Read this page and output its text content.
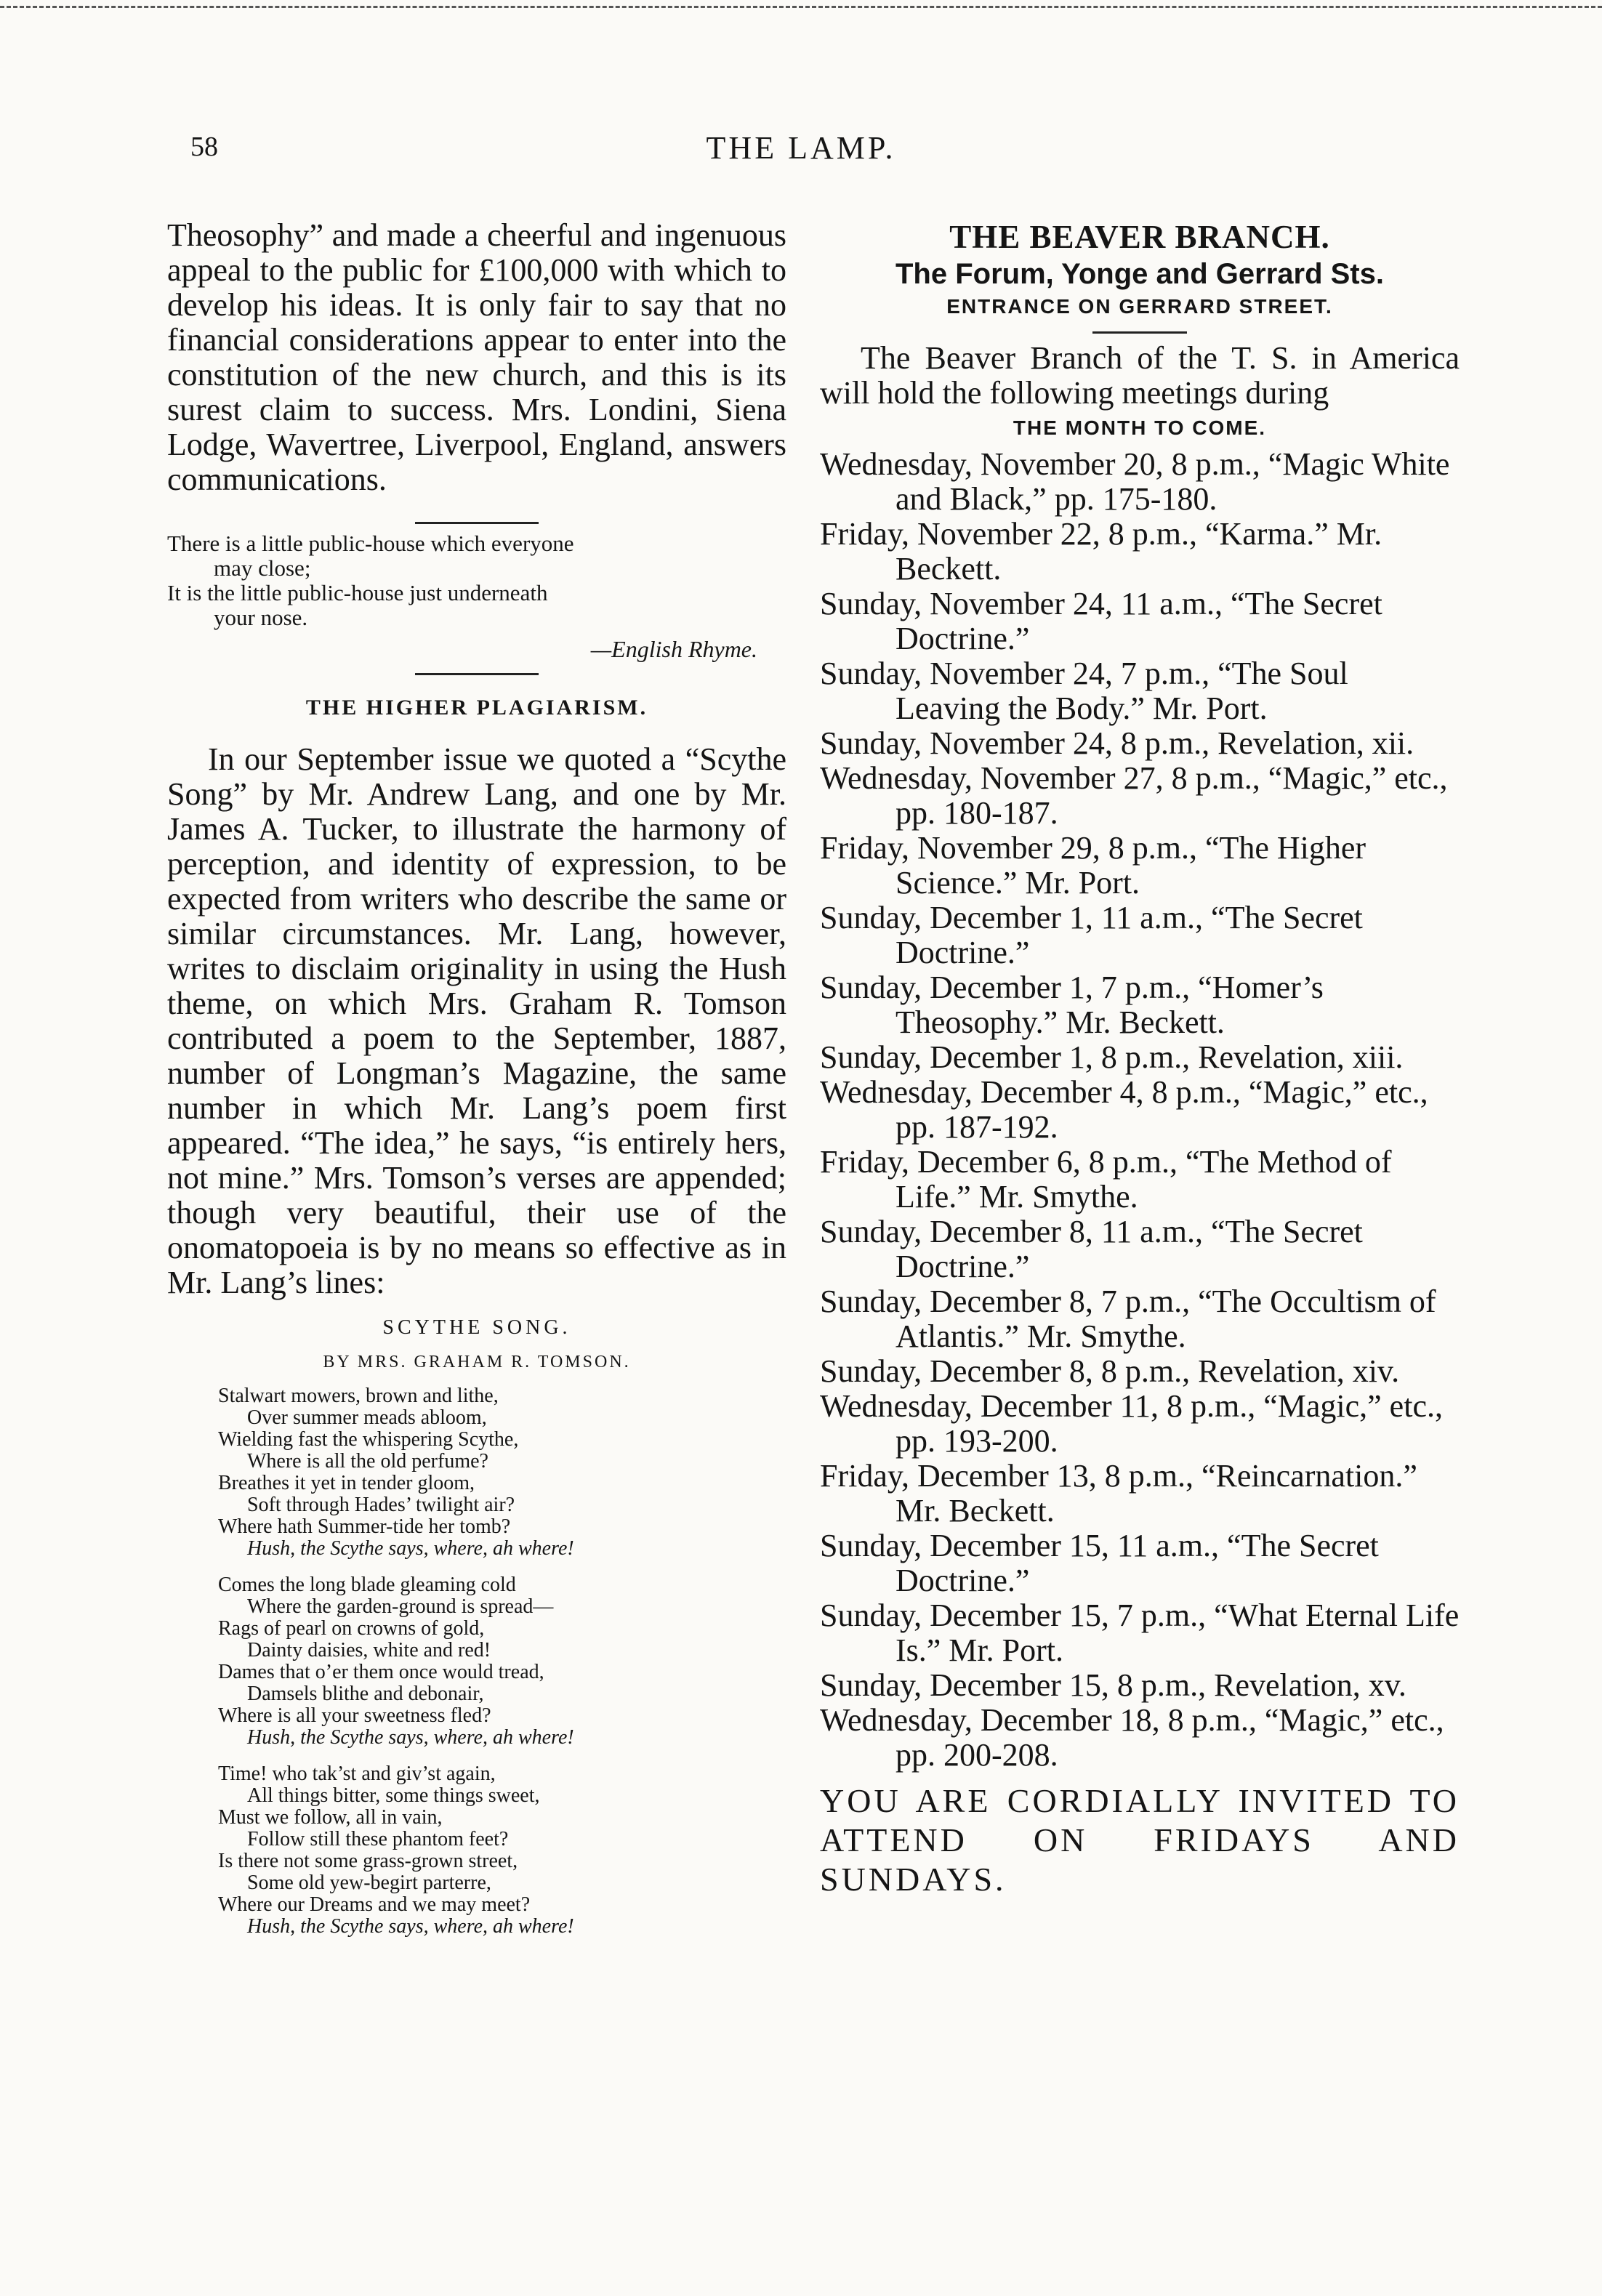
58	THE LAMP.

Theosophy” and made a cheerful and ingenuous appeal to the public for £100,000 with which to develop his ideas. It is only fair to say that no financial considerations appear to enter into the constitution of the new church, and this is its surest claim to success. Mrs. Londini, Siena Lodge, Wavertree, Liverpool, England, answers communications.

There is a little public-house which everyone
may close;
It is the little public-house just underneath
your nose.
—English Rhyme.
THE HIGHER PLAGIARISM.

In our September issue we quoted a “Scythe Song” by Mr. Andrew Lang, and one by Mr. James A. Tucker, to illustrate the harmony of perception, and identity of expression, to be expected from writers who describe the same or similar circumstances. Mr. Lang, however, writes to disclaim originality in using the Hush theme, on which Mrs. Graham R. Tomson contributed a poem to the September, 1887, number of Longman’s Magazine, the same number in which Mr. Lang’s poem first appeared. “The idea,” he says, “is entirely hers, not mine.” Mrs. Tomson’s verses are appended; though very beautiful, their use of the onomatopoeia is by no means so effective as in Mr. Lang’s lines:

SCYTHE SONG.
BY MRS. GRAHAM R. TOMSON.
Stalwart mowers, brown and lithe,
Over summer meads abloom,
Wielding fast the whispering Scythe,
Where is all the old perfume?
Breathes it yet in tender gloom,
Soft through Hades’ twilight air?
Where hath Summer-tide her tomb?
Hush, the Scythe says, where, ah where!
Comes the long blade gleaming cold
Where the garden-ground is spread—
Rags of pearl on crowns of gold,
Dainty daisies, white and red!
Dames that o’er them once would tread,
Damsels blithe and debonair,
Where is all your sweetness fled?
Hush, the Scythe says, where, ah where!
Time! who tak’st and giv’st again,
All things bitter, some things sweet,
Must we follow, all in vain,
Follow still these phantom feet?
Is there not some grass-grown street,
Some old yew-begirt parterre,
Where our Dreams and we may meet?
Hush, the Scythe says, where, ah where!
THE BEAVER BRANCH.
The Forum, Yonge and Gerrard Sts.
ENTRANCE ON GERRARD STREET.

The Beaver Branch of the T. S. in America will hold the following meetings during

THE MONTH TO COME.

Wednesday, November 20, 8 p.m., “Magic White and Black,” pp. 175-180.

Friday, November 22, 8 p.m., “Karma.” Mr. Beckett.

Sunday, November 24, 11 a.m., “The Secret Doctrine.”

Sunday, November 24, 7 p.m., “The Soul Leaving the Body.” Mr. Port.

Sunday, November 24, 8 p.m., Revelation, xii.

Wednesday, November 27, 8 p.m., “Magic,” etc., pp. 180-187.

Friday, November 29, 8 p.m., “The Higher Science.” Mr. Port.

Sunday, December 1, 11 a.m., “The Secret Doctrine.”

Sunday, December 1, 7 p.m., “Homer’s Theosophy.” Mr. Beckett.

Sunday, December 1, 8 p.m., Revelation, xiii.

Wednesday, December 4, 8 p.m., “Magic,” etc., pp. 187-192.

Friday, December 6, 8 p.m., “The Method of Life.” Mr. Smythe.

Sunday, December 8, 11 a.m., “The Secret Doctrine.”

Sunday, December 8, 7 p.m., “The Occultism of Atlantis.” Mr. Smythe.

Sunday, December 8, 8 p.m., Revelation, xiv.

Wednesday, December 11, 8 p.m., “Magic,” etc., pp. 193-200.

Friday, December 13, 8 p.m., “Reincarnation.” Mr. Beckett.

Sunday, December 15, 11 a.m., “The Secret Doctrine.”

Sunday, December 15, 7 p.m., “What Eternal Life Is.” Mr. Port.

Sunday, December 15, 8 p.m., Revelation, xv.

Wednesday, December 18, 8 p.m., “Magic,” etc., pp. 200-208.

YOU ARE CORDIALLY INVITED TO ATTEND ON FRIDAYS AND SUNDAYS.
